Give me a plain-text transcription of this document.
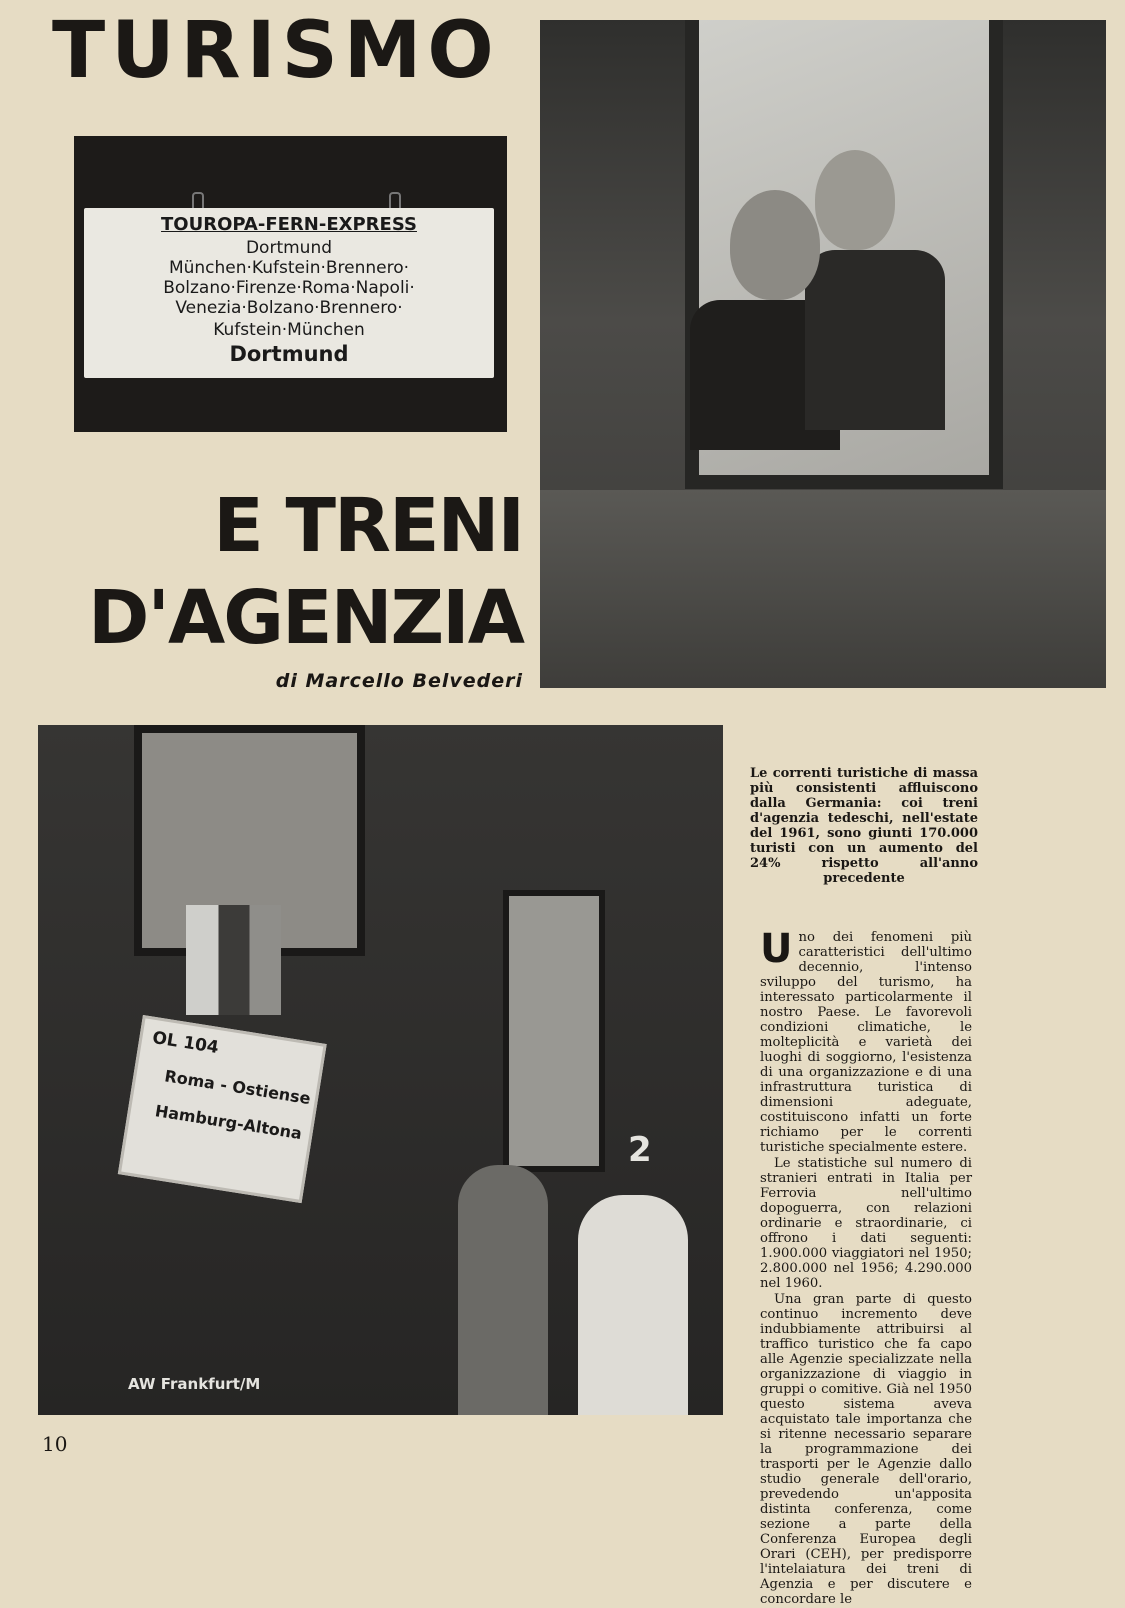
TURISMO
TOUROPA-FERN-EXPRESS
Dortmund
München·Kufstein·Brennero·
Bolzano·Firenze·Roma·Napoli·
Venezia·Bolzano·Brennero·
Kufstein·München
Dortmund
E TRENI
D'AGENZIA
di Marcello Belvederi
2
OL 104
Roma - Ostiense
Hamburg-Altona
AW Frankfurt/M

Le correnti turistiche di massa più consistenti affluiscono dalla Germania: coi treni d'agenzia tedeschi, nell'estate del 1961, sono giunti 170.000 turisti con un aumento del 24% rispetto all'anno precedente

Uno dei fenomeni più caratteristici dell'ultimo decennio, l'intenso sviluppo del turismo, ha interessato particolarmente il nostro Paese. Le favorevoli condizioni climatiche, le molteplicità e varietà dei luoghi di soggiorno, l'esistenza di una organizzazione e di una infrastruttura turistica di dimensioni adeguate, costituiscono infatti un forte richiamo per le correnti turistiche specialmente estere.

Le statistiche sul numero di stranieri entrati in Italia per Ferrovia nell'ultimo dopoguerra, con relazioni ordinarie e straordinarie, ci offrono i dati seguenti: 1.900.000 viaggiatori nel 1950; 2.800.000 nel 1956; 4.290.000 nel 1960.

Una gran parte di questo continuo incremento deve indubbiamente attribuirsi al traffico turistico che fa capo alle Agenzie specializzate nella organizzazione di viaggio in gruppi o comitive. Già nel 1950 questo sistema aveva acquistato tale importanza che si ritenne necessario separare la programmazione dei trasporti per le Agenzie dallo studio generale dell'orario, prevedendo un'apposita distinta conferenza, come sezione a parte della Conferenza Europea degli Orari (CEH), per predisporre l'intelaiatura dei treni di Agenzia e per discutere e concordare le

10
